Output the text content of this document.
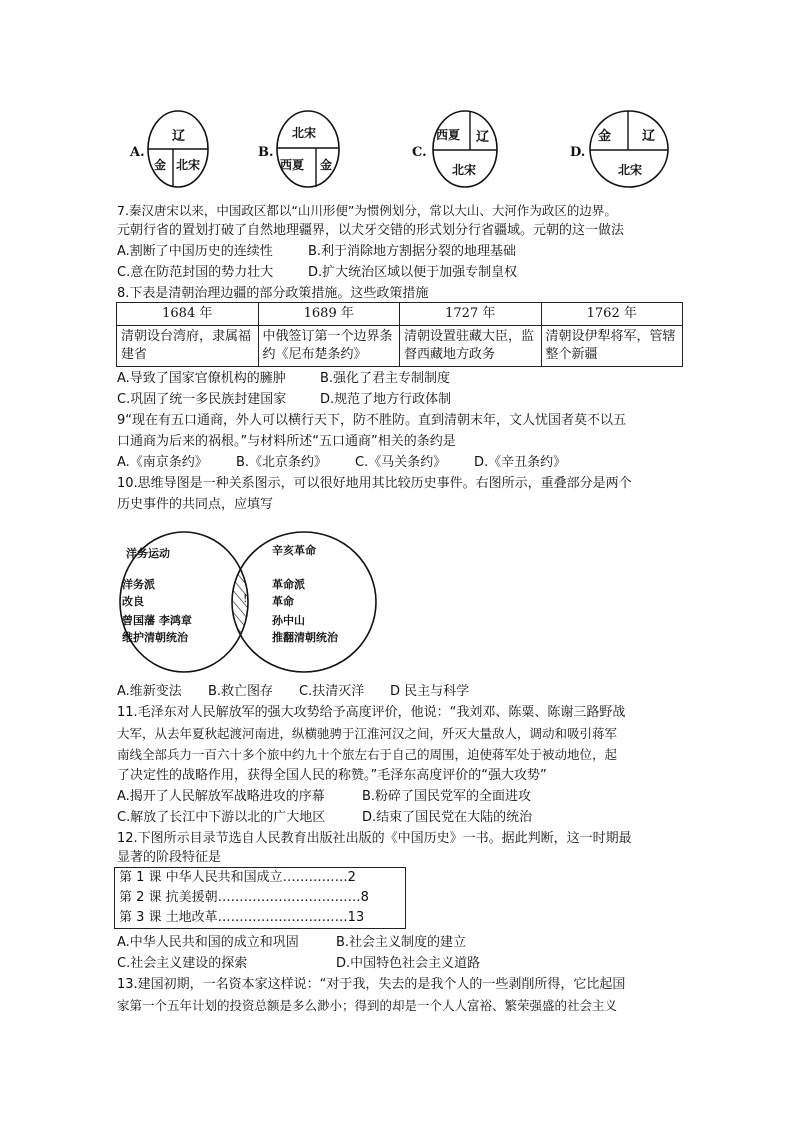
A.
辽
金 北宋
B.
北宋
西夏 金
C.
西夏 辽
北宋
D.
金 辽
北宋
7.秦汉唐宋以来，中国政区都以“山川形便”为惯例划分，常以大山、大河作为政区的边界。
元朝行省的置划打破了自然地理疆界，以犬牙交错的形式划分行省疆域。元朝的这一做法
A.割断了中国历史的连续性	B.利于消除地方割据分裂的地理基础
C.意在防范封国的势力壮大	D.扩大统治区域以便于加强专制皇权
8.下表是清朝治理边疆的部分政策措施。这些政策措施
1684 年	1689 年	1727 年	1762 年
清朝设台湾府，隶属福建省	中俄签订第一个边界条约《尼布楚条约》	清朝设置驻藏大臣，监督西藏地方政务	清朝设伊犁将军，管辖整个新疆
A.导致了国家官僚机构的臃肿	B.强化了君主专制制度
C.巩固了统一多民族封建国家	D.规范了地方行政体制
9“现在有五口通商，外人可以横行天下，防不胜防。直到清朝末年，文人忧国者莫不以五
口通商为后来的祸根。”与材料所述“五口通商”相关的条约是
A.《南京条约》 B.《北京条约》 C.《马关条约》 D.《辛丑条约》
10.思维导图是一种关系图示，可以很好地用其比较历史事件。右图所示，重叠部分是两个
历史事件的共同点，应填写
!
洋务运动
洋务派
改良
曾国藩 李鸿章
维护清朝统治
辛亥革命
革命派
革命
孙中山
推翻清朝统治
A.维新变法 B.救亡图存 C.扶清灭洋 D 民主与科学
11.毛泽东对人民解放军的强大攻势给予高度评价，他说：“我刘邓、陈粟、陈谢三路野战
大军，从去年夏秋起渡河南进，纵横驰骋于江淮河汉之间，歼灭大量敌人，调动和吸引蒋军
南线全部兵力一百六十多个旅中约九十个旅左右于自己的周围，迫使蒋军处于被动地位，起
了决定性的战略作用，获得全国人民的称赞。”毛泽东高度评价的“强大攻势”
A.揭开了人民解放军战略进攻的序幕	B.粉碎了国民党军的全面进攻
C.解放了长江中下游以北的广大地区	D.结束了国民党在大陆的统治
12.下图所示目录节选自人民教育出版社出版的《中国历史》一书。据此判断，这一时期最
显著的阶段特征是
第 1 课 中华人民共和国成立……………2
第 2 课 抗美援朝……………………………8
第 3 课 土地改革…………………………13
A.中华人民共和国的成立和巩固	B.社会主义制度的建立
C.社会主义建设的探索	D.中国特色社会主义道路
13.建国初期，一名资本家这样说：“对于我，失去的是我个人的一些剥削所得，它比起国
家第一个五年计划的投资总额是多么渺小；得到的却是一个人人富裕、繁荣强盛的社会主义
